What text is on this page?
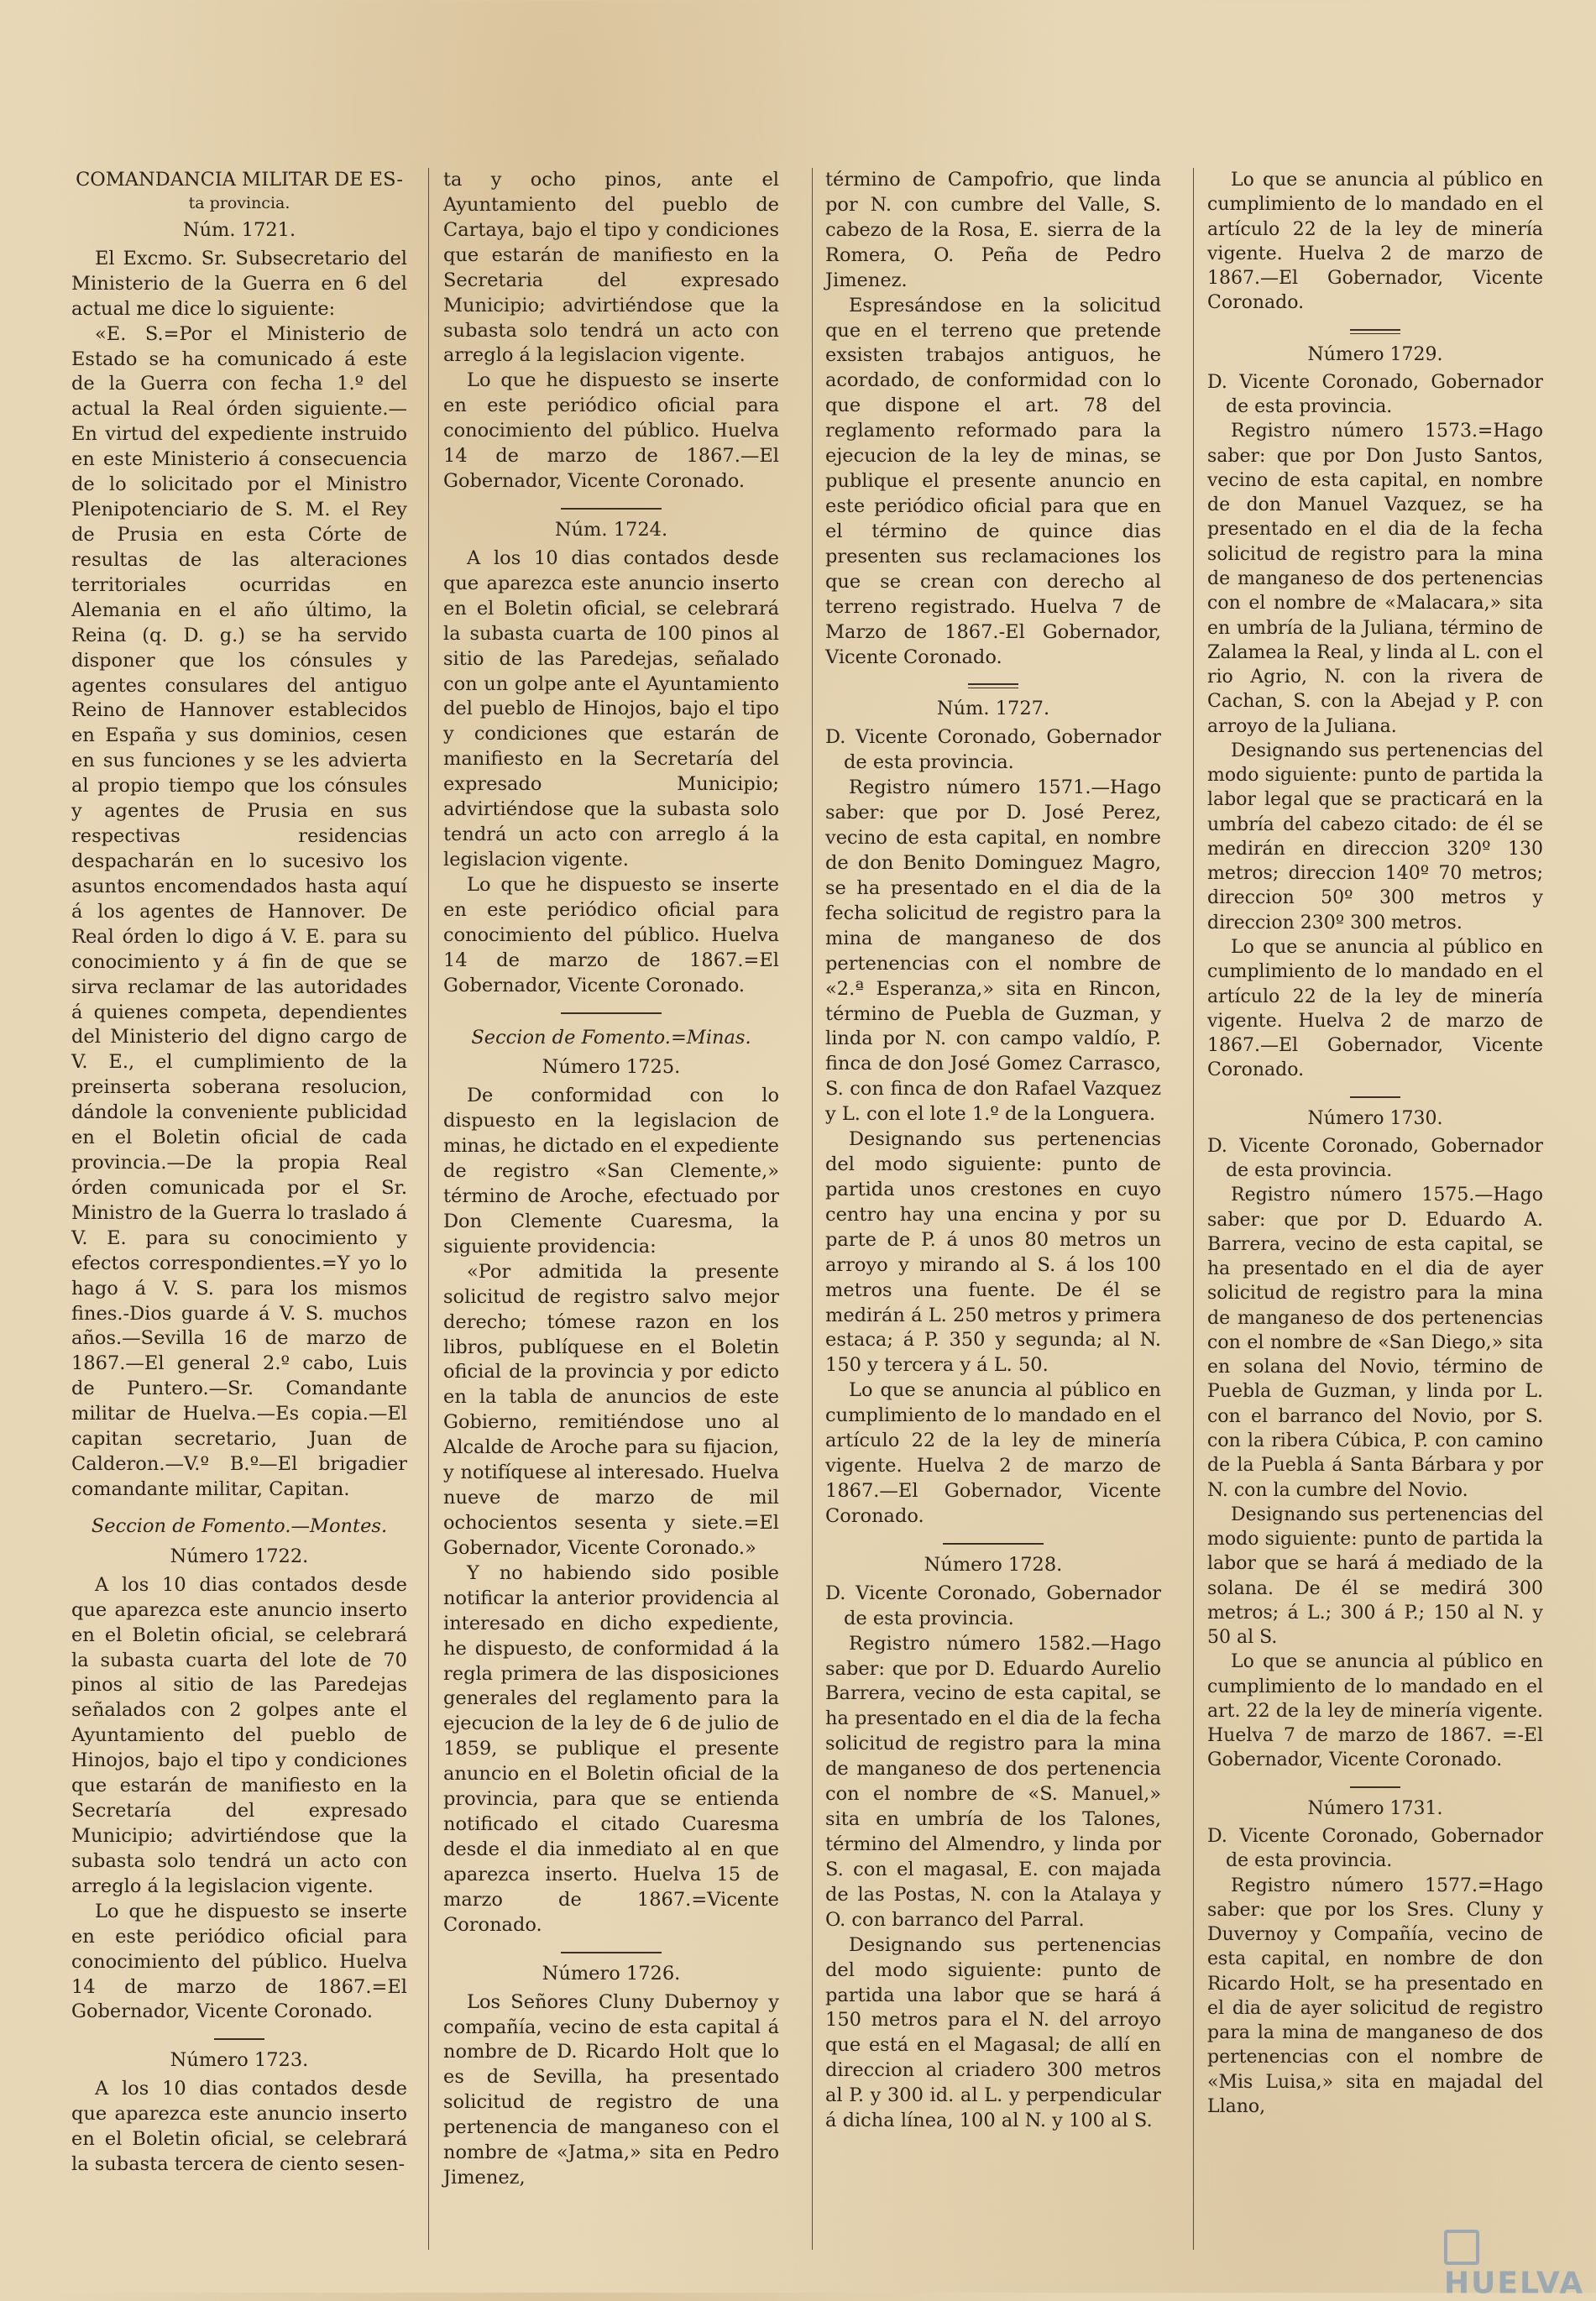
COMANDANCIA MILITAR DE ES-

ta provincia.

Núm. 1721.

El Excmo. Sr. Subsecretario del Ministerio de la Guerra en 6 del actual me dice lo siguiente:

«E. S.=Por el Ministerio de Estado se ha comunicado á este de la Guerra con fecha 1.º del actual la Real órden siguiente.—En virtud del expediente instruido en este Ministerio á consecuencia de lo solicitado por el Ministro Plenipotenciario de S. M. el Rey de Prusia en esta Córte de resultas de las alteraciones territoriales ocurridas en Alemania en el año último, la Reina (q. D. g.) se ha servido disponer que los cónsules y agentes consulares del antiguo Reino de Hannover establecidos en España y sus dominios, cesen en sus funciones y se les advierta al propio tiempo que los cónsules y agentes de Prusia en sus respectivas residencias despacharán en lo sucesivo los asuntos encomendados hasta aquí á los agentes de Hannover. De Real órden lo digo á V. E. para su conocimiento y á fin de que se sirva reclamar de las autoridades á quienes competa, dependientes del Ministerio del digno cargo de V. E., el cumplimiento de la preinserta soberana resolucion, dándole la conveniente publicidad en el Boletin oficial de cada provincia.—De la propia Real órden comunicada por el Sr. Ministro de la Guerra lo traslado á V. E. para su conocimiento y efectos correspondientes.=Y yo lo hago á V. S. para los mismos fines.-Dios guarde á V. S. muchos años.—Sevilla 16 de marzo de 1867.—El general 2.º cabo, Luis de Puntero.—Sr. Comandante militar de Huelva.—Es copia.—El capitan secretario, Juan de Calderon.—V.º B.º—El brigadier comandante militar, Capitan.

Seccion de Fomento.—Montes.

Número 1722.

A los 10 dias contados desde que aparezca este anuncio inserto en el Boletin oficial, se celebrará la subasta cuarta del lote de 70 pinos al sitio de las Paredejas señalados con 2 golpes ante el Ayuntamiento del pueblo de Hinojos, bajo el tipo y condiciones que estarán de manifiesto en la Secretaría del expresado Municipio; advirtiéndose que la subasta solo tendrá un acto con arreglo á la legislacion vigente.

Lo que he dispuesto se inserte en este periódico oficial para conocimiento del público. Huelva 14 de marzo de 1867.=El Gobernador, Vicente Coronado.

Número 1723.

A los 10 dias contados desde que aparezca este anuncio inserto en el Boletin oficial, se celebrará la subasta tercera de ciento sesen-

ta y ocho pinos, ante el Ayuntamiento del pueblo de Cartaya, bajo el tipo y condiciones que estarán de manifiesto en la Secretaria del expresado Municipio; advirtiéndose que la subasta solo tendrá un acto con arreglo á la legislacion vigente.

Lo que he dispuesto se inserte en este periódico oficial para conocimiento del público. Huelva 14 de marzo de 1867.—El Gobernador, Vicente Coronado.

Núm. 1724.

A los 10 dias contados desde que aparezca este anuncio inserto en el Boletin oficial, se celebrará la subasta cuarta de 100 pinos al sitio de las Paredejas, señalado con un golpe ante el Ayuntamiento del pueblo de Hinojos, bajo el tipo y condiciones que estarán de manifiesto en la Secretaría del expresado Municipio; advirtiéndose que la subasta solo tendrá un acto con arreglo á la legislacion vigente.

Lo que he dispuesto se inserte en este periódico oficial para conocimiento del público. Huelva 14 de marzo de 1867.=El Gobernador, Vicente Coronado.

Seccion de Fomento.=Minas.

Número 1725.

De conformidad con lo dispuesto en la legislacion de minas, he dictado en el expediente de registro «San Clemente,» término de Aroche, efectuado por Don Clemente Cuaresma, la siguiente providencia:

«Por admitida la presente solicitud de registro salvo mejor derecho; tómese razon en los libros, publíquese en el Boletin oficial de la provincia y por edicto en la tabla de anuncios de este Gobierno, remitiéndose uno al Alcalde de Aroche para su fijacion, y notifíquese al interesado. Huelva nueve de marzo de mil ochocientos sesenta y siete.=El Gobernador, Vicente Coronado.»

Y no habiendo sido posible notificar la anterior providencia al interesado en dicho expediente, he dispuesto, de conformidad á la regla primera de las disposiciones generales del reglamento para la ejecucion de la ley de 6 de julio de 1859, se publique el presente anuncio en el Boletin oficial de la provincia, para que se entienda notificado el citado Cuaresma desde el dia inmediato al en que aparezca inserto. Huelva 15 de marzo de 1867.=Vicente Coronado.

Número 1726.

Los Señores Cluny Dubernoy y compañía, vecino de esta capital á nombre de D. Ricardo Holt que lo es de Sevilla, ha presentado solicitud de registro de una pertenencia de manganeso con el nombre de «Jatma,» sita en Pedro Jimenez,

término de Campofrio, que linda por N. con cumbre del Valle, S. cabezo de la Rosa, E. sierra de la Romera, O. Peña de Pedro Jimenez.

Espresándose en la solicitud que en el terreno que pretende exsisten trabajos antiguos, he acordado, de conformidad con lo que dispone el art. 78 del reglamento reformado para la ejecucion de la ley de minas, se publique el presente anuncio en este periódico oficial para que en el término de quince dias presenten sus reclamaciones los que se crean con derecho al terreno registrado. Huelva 7 de Marzo de 1867.-El Gobernador, Vicente Coronado.

Núm. 1727.

D. Vicente Coronado, Gobernador de esta provincia.

Registro número 1571.—Hago saber: que por D. José Perez, vecino de esta capital, en nombre de don Benito Dominguez Magro, se ha presentado en el dia de la fecha solicitud de registro para la mina de manganeso de dos pertenencias con el nombre de «2.ª Esperanza,» sita en Rincon, término de Puebla de Guzman, y linda por N. con campo valdío, P. finca de don José Gomez Carrasco, S. con finca de don Rafael Vazquez y L. con el lote 1.º de la Longuera.

Designando sus pertenencias del modo siguiente: punto de partida unos crestones en cuyo centro hay una encina y por su parte de P. á unos 80 metros un arroyo y mirando al S. á los 100 metros una fuente. De él se medirán á L. 250 metros y primera estaca; á P. 350 y segunda; al N. 150 y tercera y á L. 50.

Lo que se anuncia al público en cumplimiento de lo mandado en el artículo 22 de la ley de minería vigente. Huelva 2 de marzo de 1867.—El Gobernador, Vicente Coronado.

Número 1728.

D. Vicente Coronado, Gobernador de esta provincia.

Registro número 1582.—Hago saber: que por D. Eduardo Aurelio Barrera, vecino de esta capital, se ha presentado en el dia de la fecha solicitud de registro para la mina de manganeso de dos pertenencia con el nombre de «S. Manuel,» sita en umbría de los Talones, término del Almendro, y linda por S. con el magasal, E. con majada de las Postas, N. con la Atalaya y O. con barranco del Parral.

Designando sus pertenencias del modo siguiente: punto de partida una labor que se hará á 150 metros para el N. del arroyo que está en el Magasal; de allí en direccion al criadero 300 metros al P. y 300 id. al L. y perpendicular á dicha línea, 100 al N. y 100 al S.

Lo que se anuncia al público en cumplimiento de lo mandado en el artículo 22 de la ley de minería vigente. Huelva 2 de marzo de 1867.—El Gobernador, Vicente Coronado.

Número 1729.

D. Vicente Coronado, Gobernador de esta provincia.

Registro número 1573.=Hago saber: que por Don Justo Santos, vecino de esta capital, en nombre de don Manuel Vazquez, se ha presentado en el dia de la fecha solicitud de registro para la mina de manganeso de dos pertenencias con el nombre de «Malacara,» sita en umbría de la Juliana, término de Zalamea la Real, y linda al L. con el rio Agrio, N. con la rivera de Cachan, S. con la Abejad y P. con arroyo de la Juliana.

Designando sus pertenencias del modo siguiente: punto de partida la labor legal que se practicará en la umbría del cabezo citado: de él se medirán en direccion 320º 130 metros; direccion 140º 70 metros; direccion 50º 300 metros y direccion 230º 300 metros.

Lo que se anuncia al público en cumplimiento de lo mandado en el artículo 22 de la ley de minería vigente. Huelva 2 de marzo de 1867.—El Gobernador, Vicente Coronado.

Número 1730.

D. Vicente Coronado, Gobernador de esta provincia.

Registro número 1575.—Hago saber: que por D. Eduardo A. Barrera, vecino de esta capital, se ha presentado en el dia de ayer solicitud de registro para la mina de manganeso de dos pertenencias con el nombre de «San Diego,» sita en solana del Novio, término de Puebla de Guzman, y linda por L. con el barranco del Novio, por S. con la ribera Cúbica, P. con camino de la Puebla á Santa Bárbara y por N. con la cumbre del Novio.

Designando sus pertenencias del modo siguiente: punto de partida la labor que se hará á mediado de la solana. De él se medirá 300 metros; á L.; 300 á P.; 150 al N. y 50 al S.

Lo que se anuncia al público en cumplimiento de lo mandado en el art. 22 de la ley de minería vigente. Huelva 7 de marzo de 1867. =-El Gobernador, Vicente Coronado.

Número 1731.

D. Vicente Coronado, Gobernador de esta provincia.

Registro número 1577.=Hago saber: que por los Sres. Cluny y Duvernoy y Compañía, vecino de esta capital, en nombre de don Ricardo Holt, se ha presentado en el dia de ayer solicitud de registro para la mina de manganeso de dos pertenencias con el nombre de «Mis Luisa,» sita en majadal del Llano,

HUELVA
